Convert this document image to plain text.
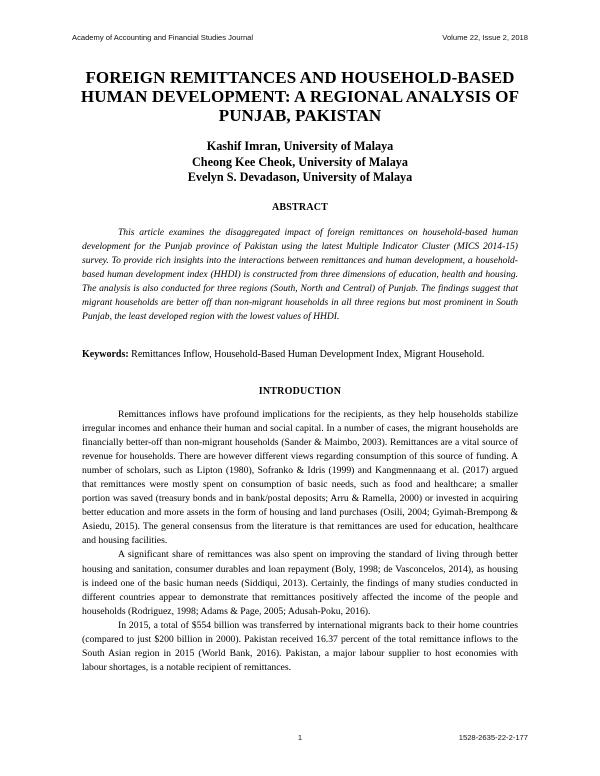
Academy of Accounting and Financial Studies Journal	Volume 22, Issue 2, 2018
FOREIGN REMITTANCES AND HOUSEHOLD-BASED HUMAN DEVELOPMENT: A REGIONAL ANALYSIS OF PUNJAB, PAKISTAN
Kashif Imran, University of Malaya
Cheong Kee Cheok, University of Malaya
Evelyn S. Devadason, University of Malaya
ABSTRACT

This article examines the disaggregated impact of foreign remittances on household-based human development for the Punjab province of Pakistan using the latest Multiple Indicator Cluster (MICS 2014-15) survey. To provide rich insights into the interactions between remittances and human development, a household-based human development index (HHDI) is constructed from three dimensions of education, health and housing. The analysis is also conducted for three regions (South, North and Central) of Punjab. The findings suggest that migrant households are better off than non-migrant households in all three regions but most prominent in South Punjab, the least developed region with the lowest values of HHDI.

Keywords: Remittances Inflow, Household-Based Human Development Index, Migrant Household.

INTRODUCTION

Remittances inflows have profound implications for the recipients, as they help households stabilize irregular incomes and enhance their human and social capital. In a number of cases, the migrant households are financially better-off than non-migrant households (Sander & Maimbo, 2003). Remittances are a vital source of revenue for households. There are however different views regarding consumption of this source of funding. A number of scholars, such as Lipton (1980), Sofranko & Idris (1999) and Kangmennaang et al. (2017) argued that remittances were mostly spent on consumption of basic needs, such as food and healthcare; a smaller portion was saved (treasury bonds and in bank/postal deposits; Arru & Ramella, 2000) or invested in acquiring better education and more assets in the form of housing and land purchases (Osili, 2004; Gyimah-Brempong & Asiedu, 2015). The general consensus from the literature is that remittances are used for education, healthcare and housing facilities.

A significant share of remittances was also spent on improving the standard of living through better housing and sanitation, consumer durables and loan repayment (Boly, 1998; de Vasconcelos, 2014), as housing is indeed one of the basic human needs (Siddiqui, 2013). Certainly, the findings of many studies conducted in different countries appear to demonstrate that remittances positively affected the income of the people and households (Rodriguez, 1998; Adams & Page, 2005; Adusah-Poku, 2016).

In 2015, a total of $554 billion was transferred by international migrants back to their home countries (compared to just $200 billion in 2000). Pakistan received 16.37 percent of the total remittance inflows to the South Asian region in 2015 (World Bank, 2016). Pakistan, a major labour supplier to host economies with labour shortages, is a notable recipient of remittances.

1	1528-2635-22-2-177
